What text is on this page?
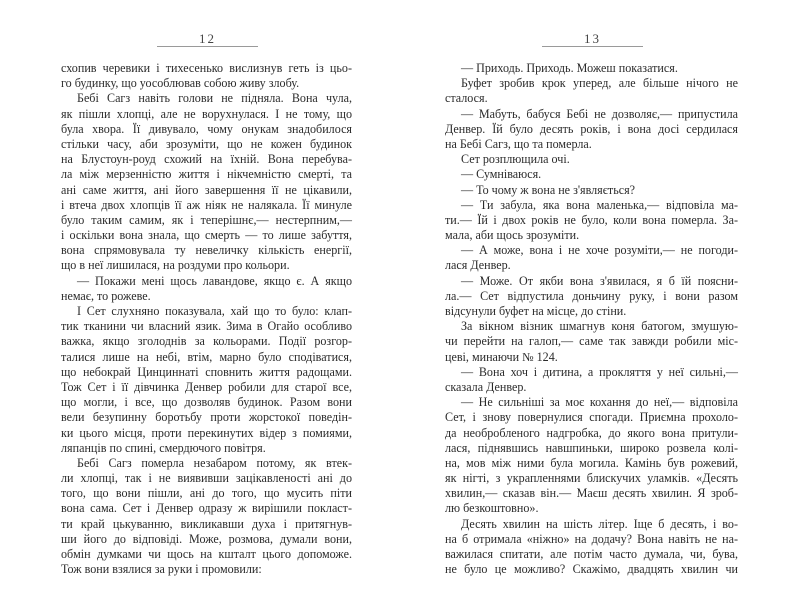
12
схопив черевики і тихесенько вислизнув геть із цьо-
го будинку, що уособлював собою живу злобу.
Бебі Сагз навіть голови не підняла. Вона чула,
як пішли хлопці, але не ворухнулася. І не тому, що
була хвора. Її дивувало, чому онукам знадобилося
стільки часу, аби зрозуміти, що не кожен будинок
на Блустоун-роуд схожий на їхній. Вона перебува-
ла між мерзенністю життя і нікчемністю смерті, та
ані саме життя, ані його завершення її не цікавили,
і втеча двох хлопців її аж ніяк не налякала. Її минуле
було таким самим, як і теперішнє,— нестерпним,—
і оскільки вона знала, що смерть — то лише забуття,
вона спрямовувала ту невеличку кількість енергії,
що в неї лишилася, на роздуми про кольори.
— Покажи мені щось лавандове, якщо є. А якщо
немає, то рожеве.
І Сет слухняно показувала, хай що то було: клап-
тик тканини чи власний язик. Зима в Огайо особливо
важка, якщо зголоднів за кольорами. Події розгор-
талися лише на небі, втім, марно було сподіватися,
що небокрай Цинциннаті сповнить життя радощами.
Тож Сет і її дівчинка Денвер робили для старої все,
що могли, і все, що дозволяв будинок. Разом вони
вели безупинну боротьбу проти жорстокої поведін-
ки цього місця, проти перекинутих відер з помиями,
ляпанців по спині, смердючого повітря.
Бебі Сагз померла незабаром потому, як втек-
ли хлопці, так і не виявивши зацікавленості ані до
того, що вони пішли, ані до того, що мусить піти
вона сама. Сет і Денвер одразу ж вирішили покласт-
ти край цькуванню, викликавши духа і притягнув-
ши його до відповіді. Може, розмова, думали вони,
обмін думками чи щось на кшталт цього допоможе.
Тож вони взялися за руки і промовили:
13
— Приходь. Приходь. Можеш показатися.
Буфет зробив крок уперед, але більше нічого не
сталося.
— Мабуть, бабуся Бебі не дозволяє,— припустила
Денвер. Їй було десять років, і вона досі сердилася
на Бебі Сагз, що та померла.
Сет розплющила очі.
— Сумніваюся.
— То чому ж вона не з'являється?
— Ти забула, яка вона маленька,— відповіла ма-
ти.— Їй і двох років не було, коли вона померла. За-
мала, аби щось зрозуміти.
— А може, вона і не хоче розуміти,— не погоди-
лася Денвер.
— Може. От якби вона з'явилася, я б їй поясни-
ла.— Сет відпустила доньчину руку, і вони разом
відсунули буфет на місце, до стіни.
За вікном візник шмагнув коня батогом, змушую-
чи перейти на галоп,— саме так завжди робили міс-
цеві, минаючи № 124.
— Вона хоч і дитина, а прокляття у неї сильні,—
сказала Денвер.
— Не сильніші за моє кохання до неї,— відповіла
Сет, і знову повернулися спогади. Приємна прохоло-
да необробленого надгробка, до якого вона притули-
лася, піднявшись навшпиньки, широко розвела колі-
на, мов між ними була могила. Камінь був рожевий,
як нігті, з украпленнями блискучих уламків. «Десять
хвилин,— сказав він.— Маєш десять хвилин. Я зроб-
лю безкоштовно».
Десять хвилин на шість літер. Іще б десять, і во-
на б отримала «ніжно» на додачу? Вона навіть не на-
важилася спитати, але потім часто думала, чи, бува,
не було це можливо? Скажімо, двадцять хвилин чи
